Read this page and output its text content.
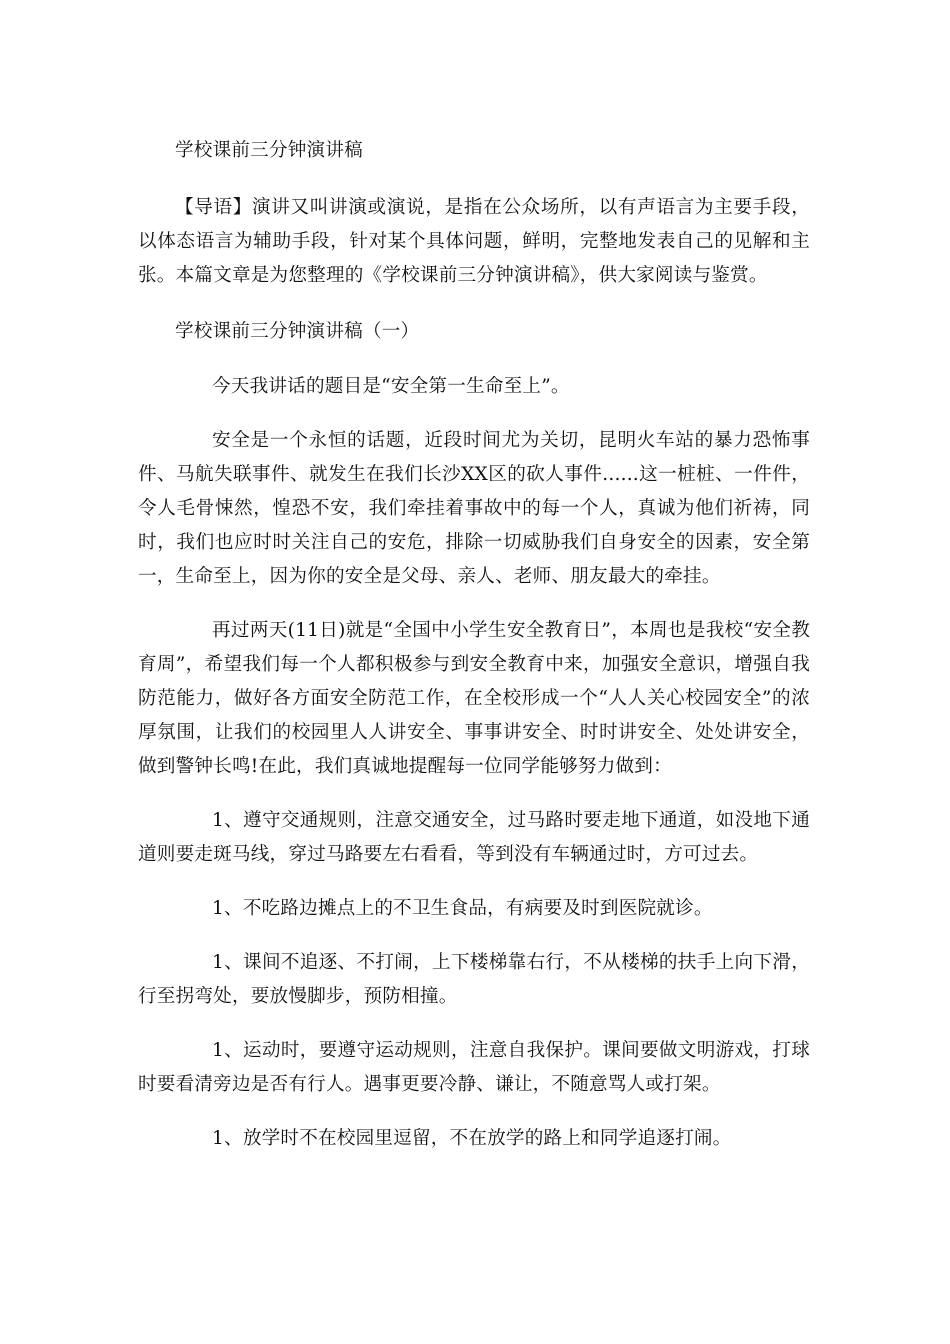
学校课前三分钟演讲稿

【导语】演讲又叫讲演或演说，是指在公众场所，以有声语言为主要手段，以体态语言为辅助手段，针对某个具体问题，鲜明，完整地发表自己的见解和主张。本篇文章是为您整理的《学校课前三分钟演讲稿》，供大家阅读与鉴赏。

学校课前三分钟演讲稿（一）

今天我讲话的题目是“安全第一生命至上”。

安全是一个永恒的话题，近段时间尤为关切，昆明火车站的暴力恐怖事件、马航失联事件、就发生在我们长沙XX区的砍人事件......这一桩桩、一件件，令人毛骨悚然，惶恐不安，我们牵挂着事故中的每一个人，真诚为他们祈祷，同时，我们也应时时关注自己的安危，排除一切威胁我们自身安全的因素，安全第一，生命至上，因为你的安全是父母、亲人、老师、朋友最大的牵挂。

再过两天(11日)就是“全国中小学生安全教育日”，本周也是我校“安全教育周”，希望我们每一个人都积极参与到安全教育中来，加强安全意识，增强自我防范能力，做好各方面安全防范工作，在全校形成一个“人人关心校园安全”的浓厚氛围，让我们的校园里人人讲安全、事事讲安全、时时讲安全、处处讲安全，做到警钟长鸣!在此，我们真诚地提醒每一位同学能够努力做到：

1、遵守交通规则，注意交通安全，过马路时要走地下通道，如没地下通道则要走斑马线，穿过马路要左右看看，等到没有车辆通过时，方可过去。

1、不吃路边摊点上的不卫生食品，有病要及时到医院就诊。

1、课间不追逐、不打闹，上下楼梯靠右行，不从楼梯的扶手上向下滑，行至拐弯处，要放慢脚步，预防相撞。

1、运动时，要遵守运动规则，注意自我保护。课间要做文明游戏，打球时要看清旁边是否有行人。遇事更要冷静、谦让，不随意骂人或打架。

1、放学时不在校园里逗留，不在放学的路上和同学追逐打闹。
